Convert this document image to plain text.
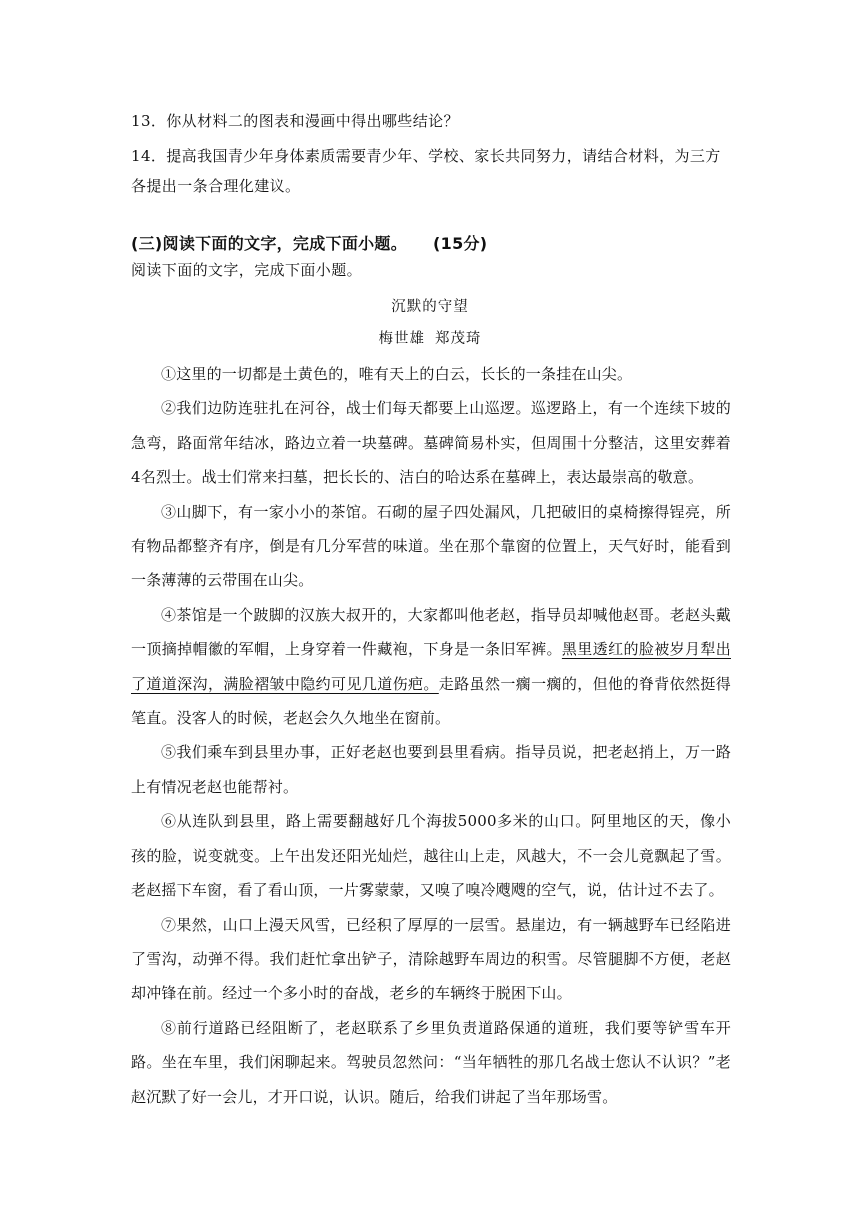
13．你从材料二的图表和漫画中得出哪些结论？
14．提高我国青少年身体素质需要青少年、学校、家长共同努力，请结合材料，为三方各提出一条合理化建议。
(三)阅读下面的文字，完成下面小题。 (15分)
阅读下面的文字，完成下面小题。
沉默的守望
梅世雄 郑茂琦

①这里的一切都是土黄色的，唯有天上的白云，长长的一条挂在山尖。

②我们边防连驻扎在河谷，战士们每天都要上山巡逻。巡逻路上，有一个连续下坡的急弯，路面常年结冰，路边立着一块墓碑。墓碑简易朴实，但周围十分整洁，这里安葬着4名烈士。战士们常来扫墓，把长长的、洁白的哈达系在墓碑上，表达最崇高的敬意。

③山脚下，有一家小小的茶馆。石砌的屋子四处漏风，几把破旧的桌椅擦得锃亮，所有物品都整齐有序，倒是有几分军营的味道。坐在那个靠窗的位置上，天气好时，能看到一条薄薄的云带围在山尖。

④茶馆是一个跛脚的汉族大叔开的，大家都叫他老赵，指导员却喊他赵哥。老赵头戴一顶摘掉帽徽的军帽，上身穿着一件藏袍，下身是一条旧军裤。黑里透红的脸被岁月犁出了道道深沟，满脸褶皱中隐约可见几道伤疤。走路虽然一瘸一瘸的，但他的脊背依然挺得笔直。没客人的时候，老赵会久久地坐在窗前。

⑤我们乘车到县里办事，正好老赵也要到县里看病。指导员说，把老赵捎上，万一路上有情况老赵也能帮衬。

⑥从连队到县里，路上需要翻越好几个海拔5000多米的山口。阿里地区的天，像小孩的脸，说变就变。上午出发还阳光灿烂，越往山上走，风越大，不一会儿竟飘起了雪。老赵摇下车窗，看了看山顶，一片雾蒙蒙，又嗅了嗅冷飕飕的空气，说，估计过不去了。

⑦果然，山口上漫天风雪，已经积了厚厚的一层雪。悬崖边，有一辆越野车已经陷进了雪沟，动弹不得。我们赶忙拿出铲子，清除越野车周边的积雪。尽管腿脚不方便，老赵却冲锋在前。经过一个多小时的奋战，老乡的车辆终于脱困下山。

⑧前行道路已经阻断了，老赵联系了乡里负责道路保通的道班，我们要等铲雪车开路。坐在车里，我们闲聊起来。驾驶员忽然问：“当年牺牲的那几名战士您认不认识？”老赵沉默了好一会儿，才开口说，认识。随后，给我们讲起了当年那场雪。
